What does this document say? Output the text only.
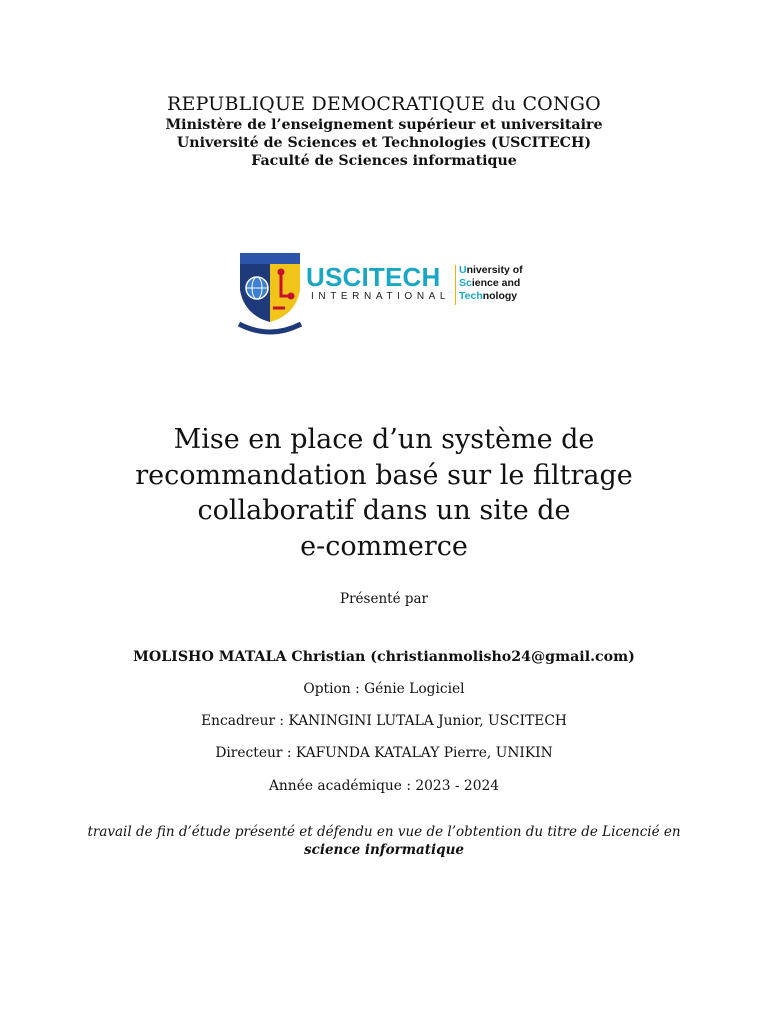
REPUBLIQUE DEMOCRATIQUE du CONGO
Ministère de l’enseignement supérieur et universitaire
Université de Sciences et Technologies (USCITECH)
Faculté de Sciences informatique
USCITECH
INTERNATIONAL
University of
Science and
Technology
Mise en place d’un système de
recommandation basé sur le filtrage
collaboratif dans un site de
e-commerce
Présenté par
MOLISHO MATALA Christian (christianmolisho24@gmail.com)
Option : Génie Logiciel
Encadreur : KANINGINI LUTALA Junior, USCITECH
Directeur : KAFUNDA KATALAY Pierre, UNIKIN
Année académique : 2023 - 2024
travail de fin d’étude présenté et défendu en vue de l’obtention du titre de Licencié en
science informatique
